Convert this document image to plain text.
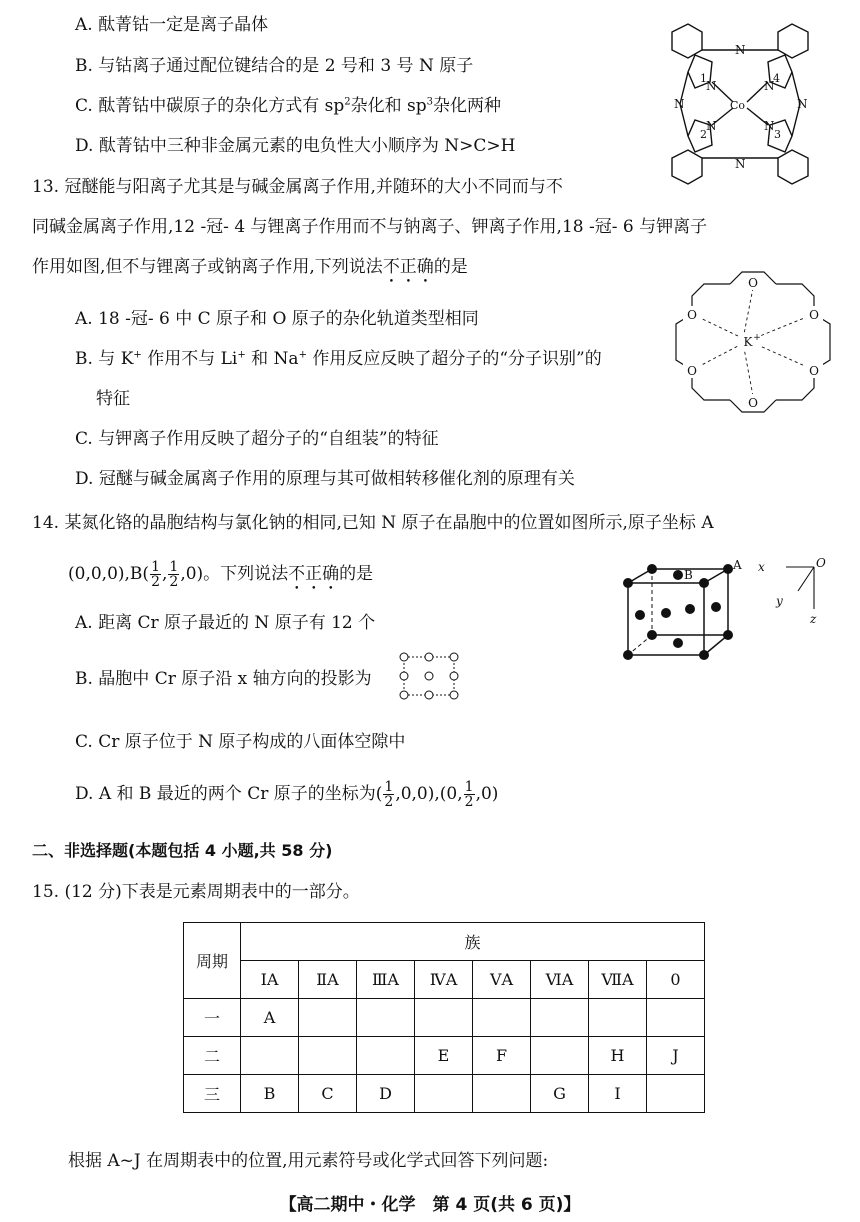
A. 酞菁钴一定是离子晶体
B. 与钴离子通过配位键结合的是 2 号和 3 号 N 原子
C. 酞菁钴中碳原子的杂化方式有 $sp^2$杂化和 $sp^3$杂化两种
D. 酞菁钴中三种非金属元素的电负性大小顺序为 N>C>H
N
N
N	N
N	N
N	N
Co
1	4
2	3
13. 冠醚能与阳离子尤其是与碱金属离子作用,并随环的大小不同而与不
同碱金属离子作用,12 -冠- 4 与锂离子作用而不与钠离子、钾离子作用,18 -冠- 6 与钾离子
作用如图,但不与锂离子或钠离子作用,下列说法不正确的是
A. 18 -冠- 6 中 C 原子和 O 原子的杂化轨道类型相同
B. 与 K+ 作用不与 Li+ 和 Na+ 作用反应反映了超分子的“分子识别”的
特征
C. 与钾离子作用反映了超分子的“自组装”的特征
D. 冠醚与碱金属离子作用的原理与其可做相转移催化剂的原理有关
O
O
O	O
O	O
K +
14. 某氮化铬的晶胞结构与氯化钠的相同,已知 N 原子在晶胞中的位置如图所示,原子坐标 A
$(0,0,0),B( \frac{1}{2}$ , $\frac{1}{2} ,0$)。下列说法不正确的是
A. 距离 Cr 原子最近的 N 原子有 12 个
B. 晶胞中 Cr 原子沿 x 轴方向的投影为
C. Cr 原子位于 N 原子构成的八面体空隙中
D. A 和 B 最近的两个 Cr 原子的坐标为( $\frac{1}{2} ,0,0),(0$, $\frac{1}{2} ,0$)
A
B
x
y
z
O
二、非选择题(本题包括 4 小题,共 58 分)
15. (12 分)下表是元素周期表中的一部分。
周期	族							
	ⅠA	ⅡA	ⅢA	ⅣA	ⅤA	ⅥA	ⅦA	0
一	A							
二				E	F		H	J
三	B	C	D			G	I	
根据 A~J 在周期表中的位置,用元素符号或化学式回答下列问题:
【高二期中・化学　第 4 页(共 6 页)】
